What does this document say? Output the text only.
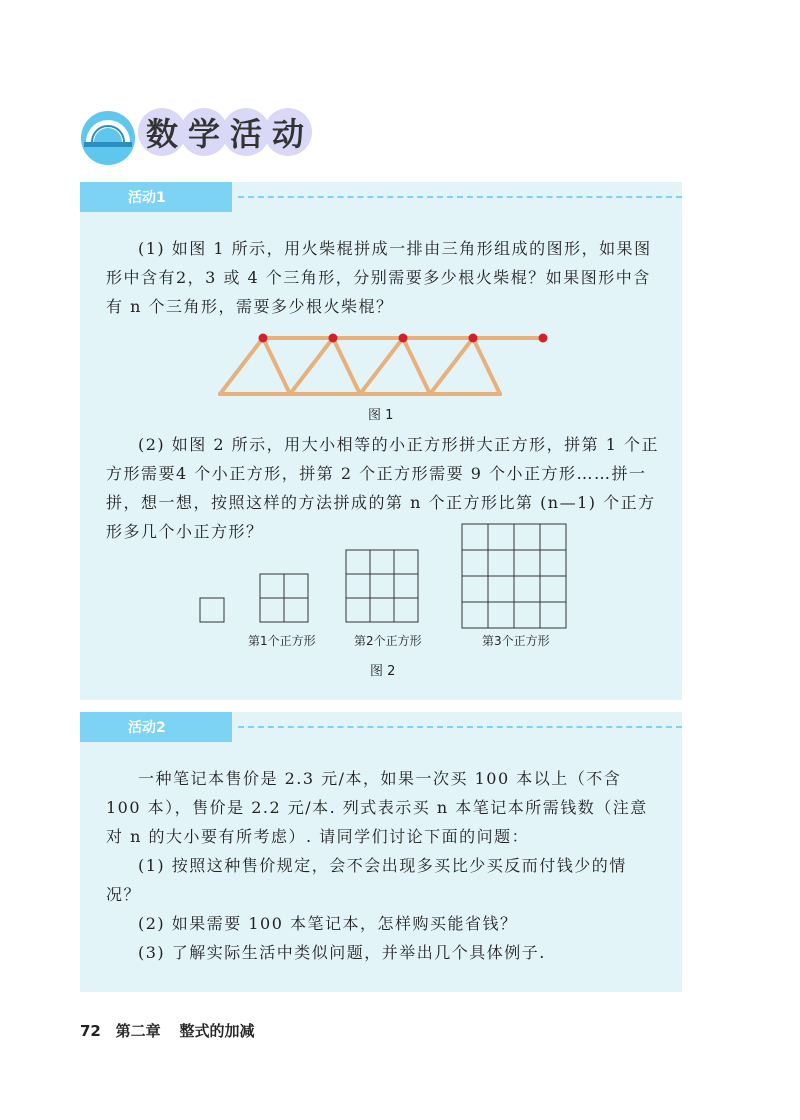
数 学 活 动
活动1

(1) 如图 1 所示，用火柴棍拼成一排由三角形组成的图形，如果图形中含有2，3 或 4 个三角形，分别需要多少根火柴棍？如果图形中含有 n 个三角形，需要多少根火柴棍？

图 1

(2) 如图 2 所示，用大小相等的小正方形拼大正方形，拼第 1 个正方形需要4 个小正方形，拼第 2 个正方形需要 9 个小正方形……拼一拼，想一想，按照这样的方法拼成的第 n 个正方形比第 (n—1) 个正方形多几个小正方形？

第1个正方形	第2个正方形	第3个正方形
图 2
活动2

一种笔记本售价是 2.3 元/本，如果一次买 100 本以上（不含 100 本），售价是 2.2 元/本. 列式表示买 n 本笔记本所需钱数（注意对 n 的大小要有所考虑）. 请同学们讨论下面的问题：

(1) 按照这种售价规定，会不会出现多买比少买反而付钱少的情况？

(2) 如果需要 100 本笔记本，怎样购买能省钱？

(3) 了解实际生活中类似问题，并举出几个具体例子.

72 第二章 整式的加减
